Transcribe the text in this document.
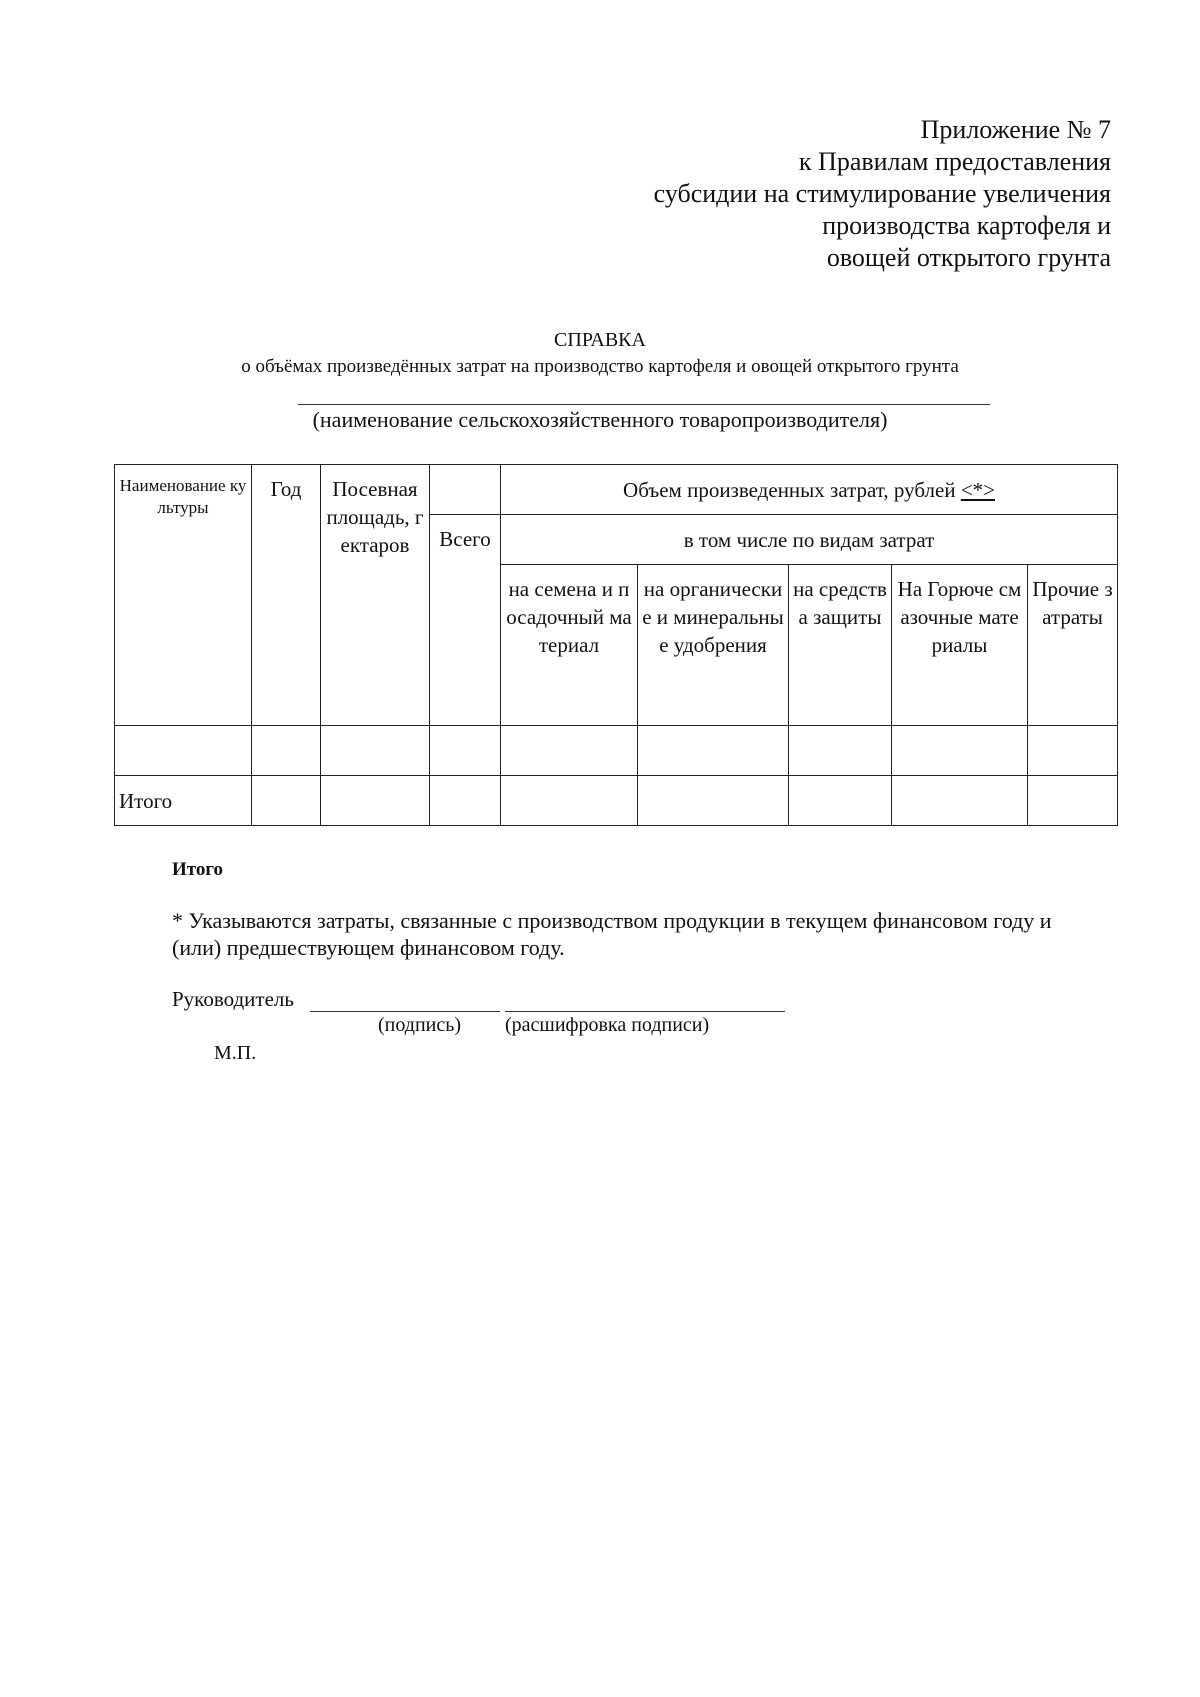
Приложение № 7
к Правилам предоставления
субсидии на стимулирование увеличения
производства картофеля и
овощей открытого грунта
СПРАВКА
о объёмах произведённых затрат на производство картофеля и овощей открытого грунта
(наименование сельскохозяйственного товаропроизводителя)
Наименование культуры	Год	Посевная площадь, гектаров		Объем произведенных затрат, рублей <*>				
			Всего	в том числе по видам затрат				
				на семена и посадочный материал	на органические и минеральные удобрения	на средства защиты	На Горюче смазочные материалы	Прочие затраты

Итого								
Итого
* Указываются затраты, связанные с производством продукции в текущем финансовом году и (или) предшествующем финансовом году.
Руководитель
(подпись) (расшифровка подписи)
М.П.
